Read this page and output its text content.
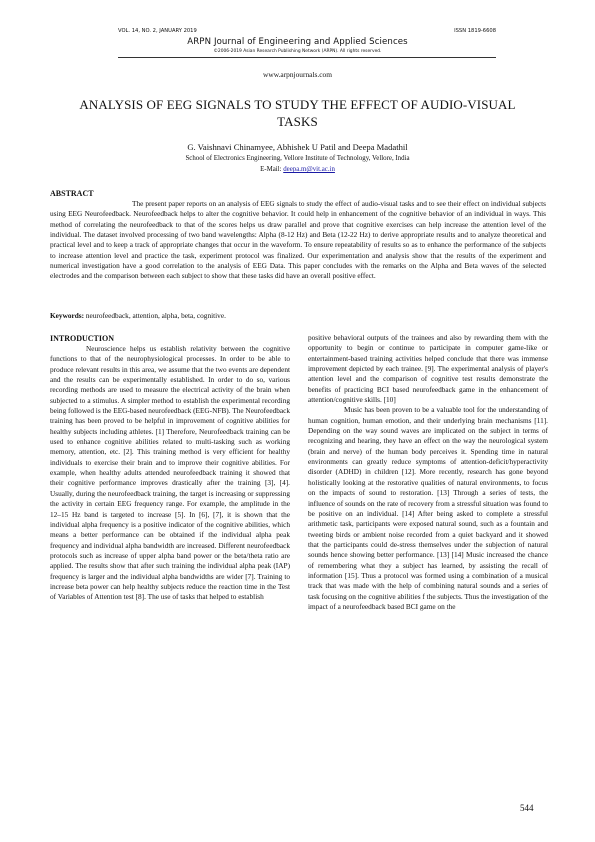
VOL. 14, NO. 2, JANUARY 2019	ISSN 1819-6608
ARPN Journal of Engineering and Applied Sciences
©2006-2019 Asian Research Publishing Network (ARPN). All rights reserved.
www.arpnjournals.com
ANALYSIS OF EEG SIGNALS TO STUDY THE EFFECT OF AUDIO-VISUAL TASKS
G. Vaishnavi Chinamyee, Abhishek U Patil and Deepa Madathil
School of Electronics Engineering, Vellore Institute of Technology, Vellore, India
E-Mail: deepa.m@vit.ac.in
ABSTRACT

The present paper reports on an analysis of EEG signals to study the effect of audio-visual tasks and to see their effect on individual subjects using EEG Neurofeedback. Neurofeedback helps to alter the cognitive behavior. It could help in enhancement of the cognitive behavior of an individual in ways. This method of correlating the neurofeedback to that of the scores helps us draw parallel and prove that cognitive exercises can help increase the attention level of the individual. The dataset involved processing of two band wavelengths: Alpha (8-12 Hz) and Beta (12-22 Hz) to derive appropriate results and to analyze theoretical and practical level and to keep a track of appropriate changes that occur in the waveform. To ensure repeatability of results so as to enhance the performance of the subjects to increase attention level and practice the task, experiment protocol was finalized. Our experimentation and analysis show that the results of the experiment and numerical investigation have a good correlation to the analysis of EEG Data. This paper concludes with the remarks on the Alpha and Beta waves of the selected electrodes and the comparison between each subject to show that these tasks did have an overall positive effect.

Keywords: neurofeedback, attention, alpha, beta, cognitive.
INTRODUCTION

Neuroscience helps us establish relativity between the cognitive functions to that of the neurophysiological processes. In order to be able to produce relevant results in this area, we assume that the two events are dependent and the results can be experimentally established. In order to do so, various recording methods are used to measure the electrical activity of the brain when subjected to a stimulus. A simpler method to establish the experimental recording being followed is the EEG-based neurofeedback (EEG-NFB). The Neurofeedback training has been proved to be helpful in improvement of cognitive abilities for healthy subjects including athletes. [1] Therefore, Neurofeedback training can be used to enhance cognitive abilities related to multi-tasking such as working memory, attention, etc. [2]. This training method is very efficient for healthy individuals to exercise their brain and to improve their cognitive abilities. For example, when healthy adults attended neurofeedback training it showed that their cognitive performance improves drastically after the training [3], [4]. Usually, during the neurofeedback training, the target is increasing or suppressing the activity in certain EEG frequency range. For example, the amplitude in the 12–15 Hz band is targeted to increase [5]. In [6], [7], it is shown that the individual alpha frequency is a positive indicator of the cognitive abilities, which means a better performance can be obtained if the individual alpha peak frequency and individual alpha bandwidth are increased. Different neurofeedback protocols such as increase of upper alpha band power or the beta/theta ratio are applied. The results show that after such training the individual alpha peak (IAP) frequency is larger and the individual alpha bandwidths are wider [7]. Training to increase beta power can help healthy subjects reduce the reaction time in the Test of Variables of Attention test [8]. The use of tasks that helped to establish

positive behavioral outputs of the trainees and also by rewarding them with the opportunity to begin or continue to participate in computer game-like or entertainment-based training activities helped conclude that there was immense improvement depicted by each trainee. [9]. The experimental analysis of player's attention level and the comparison of cognitive test results demonstrate the benefits of practicing BCI based neurofeedback game in the enhancement of attention/cognitive skills. [10]

Music has been proven to be a valuable tool for the understanding of human cognition, human emotion, and their underlying brain mechanisms [11]. Depending on the way sound waves are implicated on the subject in terms of recognizing and hearing, they have an effect on the way the neurological system (brain and nerve) of the human body perceives it. Spending time in natural environments can greatly reduce symptoms of attention-deficit/hyperactivity disorder (ADHD) in children [12]. More recently, research has gone beyond holistically looking at the restorative qualities of natural environments, to focus on the impacts of sound to restoration. [13] Through a series of tests, the influence of sounds on the rate of recovery from a stressful situation was found to be positive on an individual. [14] After being asked to complete a stressful arithmetic task, participants were exposed natural sound, such as a fountain and tweeting birds or ambient noise recorded from a quiet backyard and it showed that the participants could de-stress themselves under the subjection of natural sounds hence showing better performance. [13] [14] Music increased the chance of remembering what they a subject has learned, by assisting the recall of information [15]. Thus a protocol was formed using a combination of a musical track that was made with the help of combining natural sounds and a series of task focusing on the cognitive abilities f the subjects. Thus the investigation of the impact of a neurofeedback based BCI game on the

544
